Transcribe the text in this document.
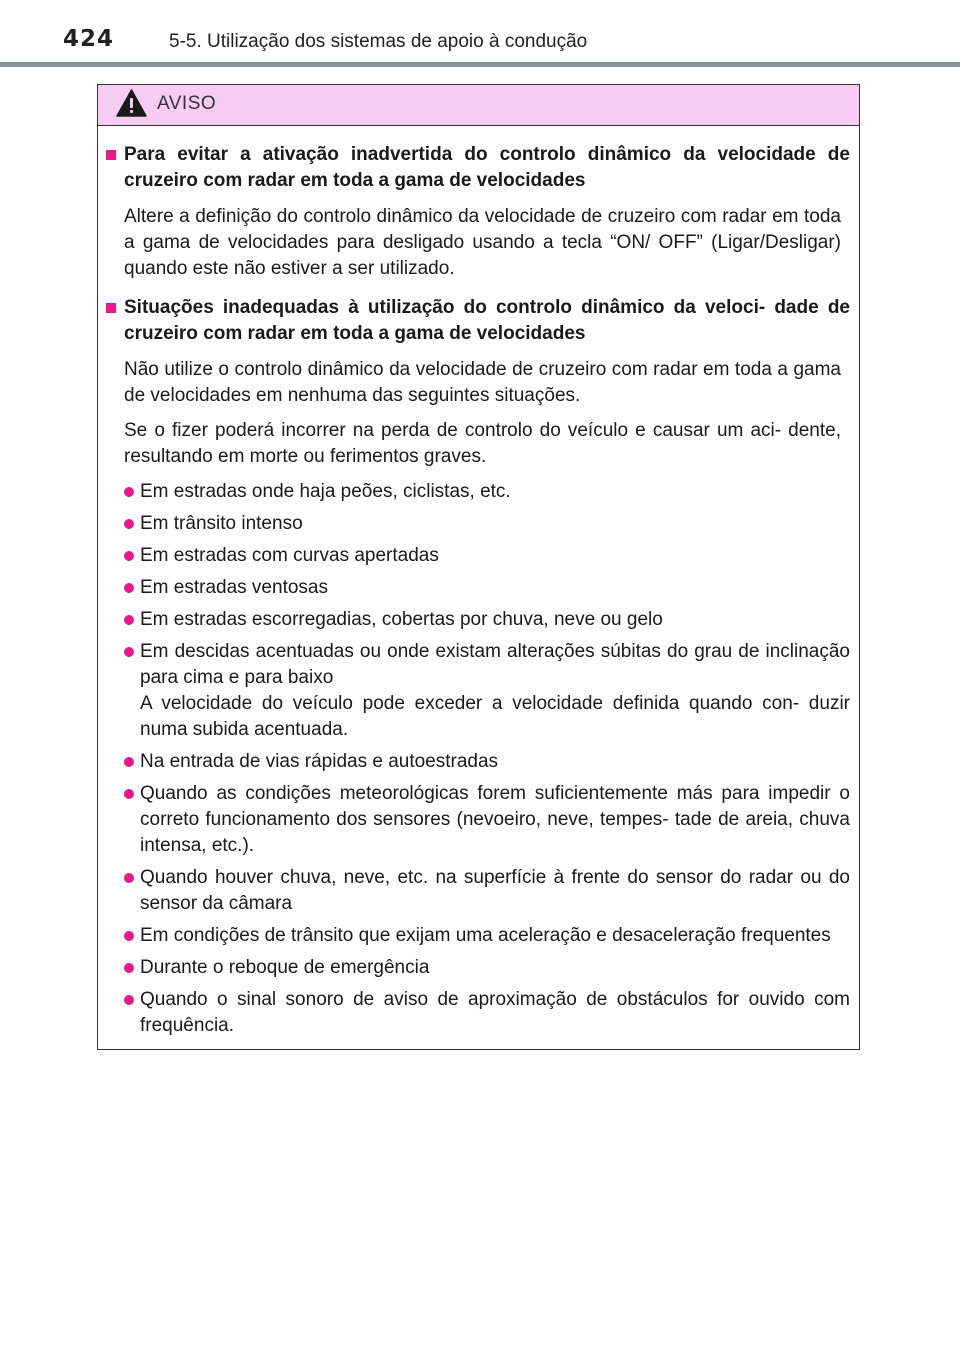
424	5-5. Utilização dos sistemas de apoio à condução
AVISO
Para evitar a ativação inadvertida do controlo dinâmico da velocidade de cruzeiro com radar em toda a gama de velocidades
Altere a definição do controlo dinâmico da velocidade de cruzeiro com radar em toda a gama de velocidades para desligado usando a tecla “ON/ OFF” (Ligar/Desligar) quando este não estiver a ser utilizado.
Situações inadequadas à utilização do controlo dinâmico da veloci- dade de cruzeiro com radar em toda a gama de velocidades
Não utilize o controlo dinâmico da velocidade de cruzeiro com radar em toda a gama de velocidades em nenhuma das seguintes situações.
Se o fizer poderá incorrer na perda de controlo do veículo e causar um aci- dente, resultando em morte ou ferimentos graves.
Em estradas onde haja peões, ciclistas, etc.
Em trânsito intenso
Em estradas com curvas apertadas
Em estradas ventosas
Em estradas escorregadias, cobertas por chuva, neve ou gelo
Em descidas acentuadas ou onde existam alterações súbitas do grau de inclinação para cima e para baixo
A velocidade do veículo pode exceder a velocidade definida quando con- duzir numa subida acentuada.
Na entrada de vias rápidas e autoestradas
Quando as condições meteorológicas forem suficientemente más para impedir o correto funcionamento dos sensores (nevoeiro, neve, tempes- tade de areia, chuva intensa, etc.).
Quando houver chuva, neve, etc. na superfície à frente do sensor do radar ou do sensor da câmara
Em condições de trânsito que exijam uma aceleração e desaceleração frequentes
Durante o reboque de emergência
Quando o sinal sonoro de aviso de aproximação de obstáculos for ouvido com frequência.
